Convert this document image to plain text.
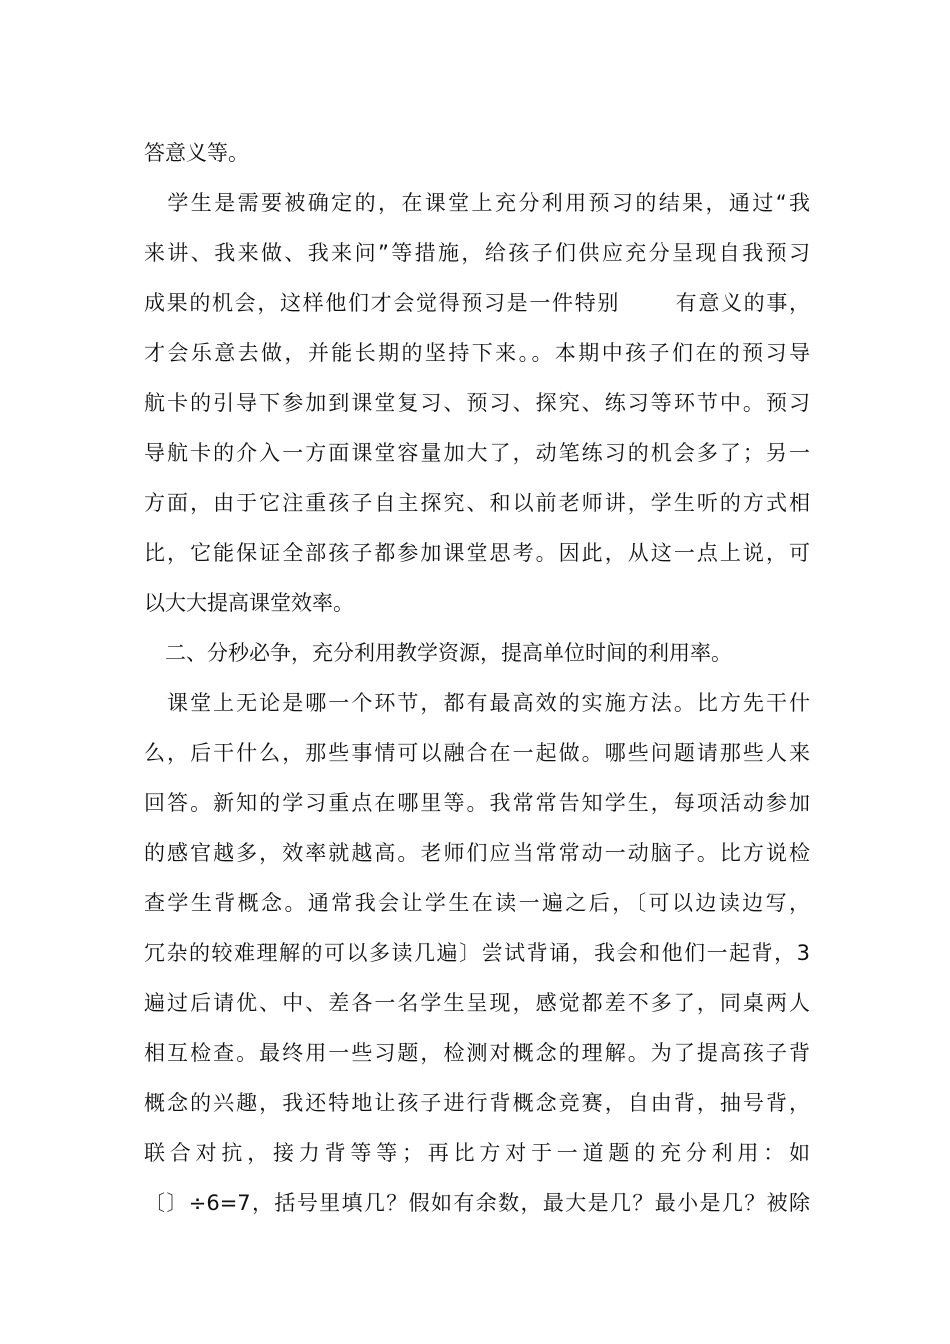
答意义等。
　学生是需要被确定的，在课堂上充分利用预习的结果，通过“我
来讲、我来做、我来问”等措施，给孩子们供应充分呈现自我预习
成果的机会，这样他们才会觉得预习是一件特别	有意义的事，
才会乐意去做，并能长期的坚持下来。。本期中孩子们在的预习导
航卡的引导下参加到课堂复习、预习、探究、练习等环节中。预习
导航卡的介入一方面课堂容量加大了，动笔练习的机会多了；另一
方面，由于它注重孩子自主探究、和以前老师讲，学生听的方式相
比，它能保证全部孩子都参加课堂思考。因此，从这一点上说，可
以大大提高课堂效率。
　二、分秒必争，充分利用教学资源，提高单位时间的利用率。
　课堂上无论是哪一个环节，都有最高效的实施方法。比方先干什
么，后干什么，那些事情可以融合在一起做。哪些问题请那些人来
回答。新知的学习重点在哪里等。我常常告知学生，每项活动参加
的感官越多，效率就越高。老师们应当常常动一动脑子。比方说检
查学生背概念。通常我会让学生在读一遍之后，〔可以边读边写，
冗杂的较难理解的可以多读几遍〕尝试背诵，我会和他们一起背，3
遍过后请优、中、差各一名学生呈现，感觉都差不多了，同桌两人
相互检查。最终用一些习题，检测对概念的理解。为了提高孩子背
概念的兴趣，我还特地让孩子进行背概念竞赛，自由背，抽号背，
联合对抗，接力背等等；再比方对于一道题的充分利用：如
〔〕÷6=7，括号里填几？假如有余数，最大是几？最小是几？被除
